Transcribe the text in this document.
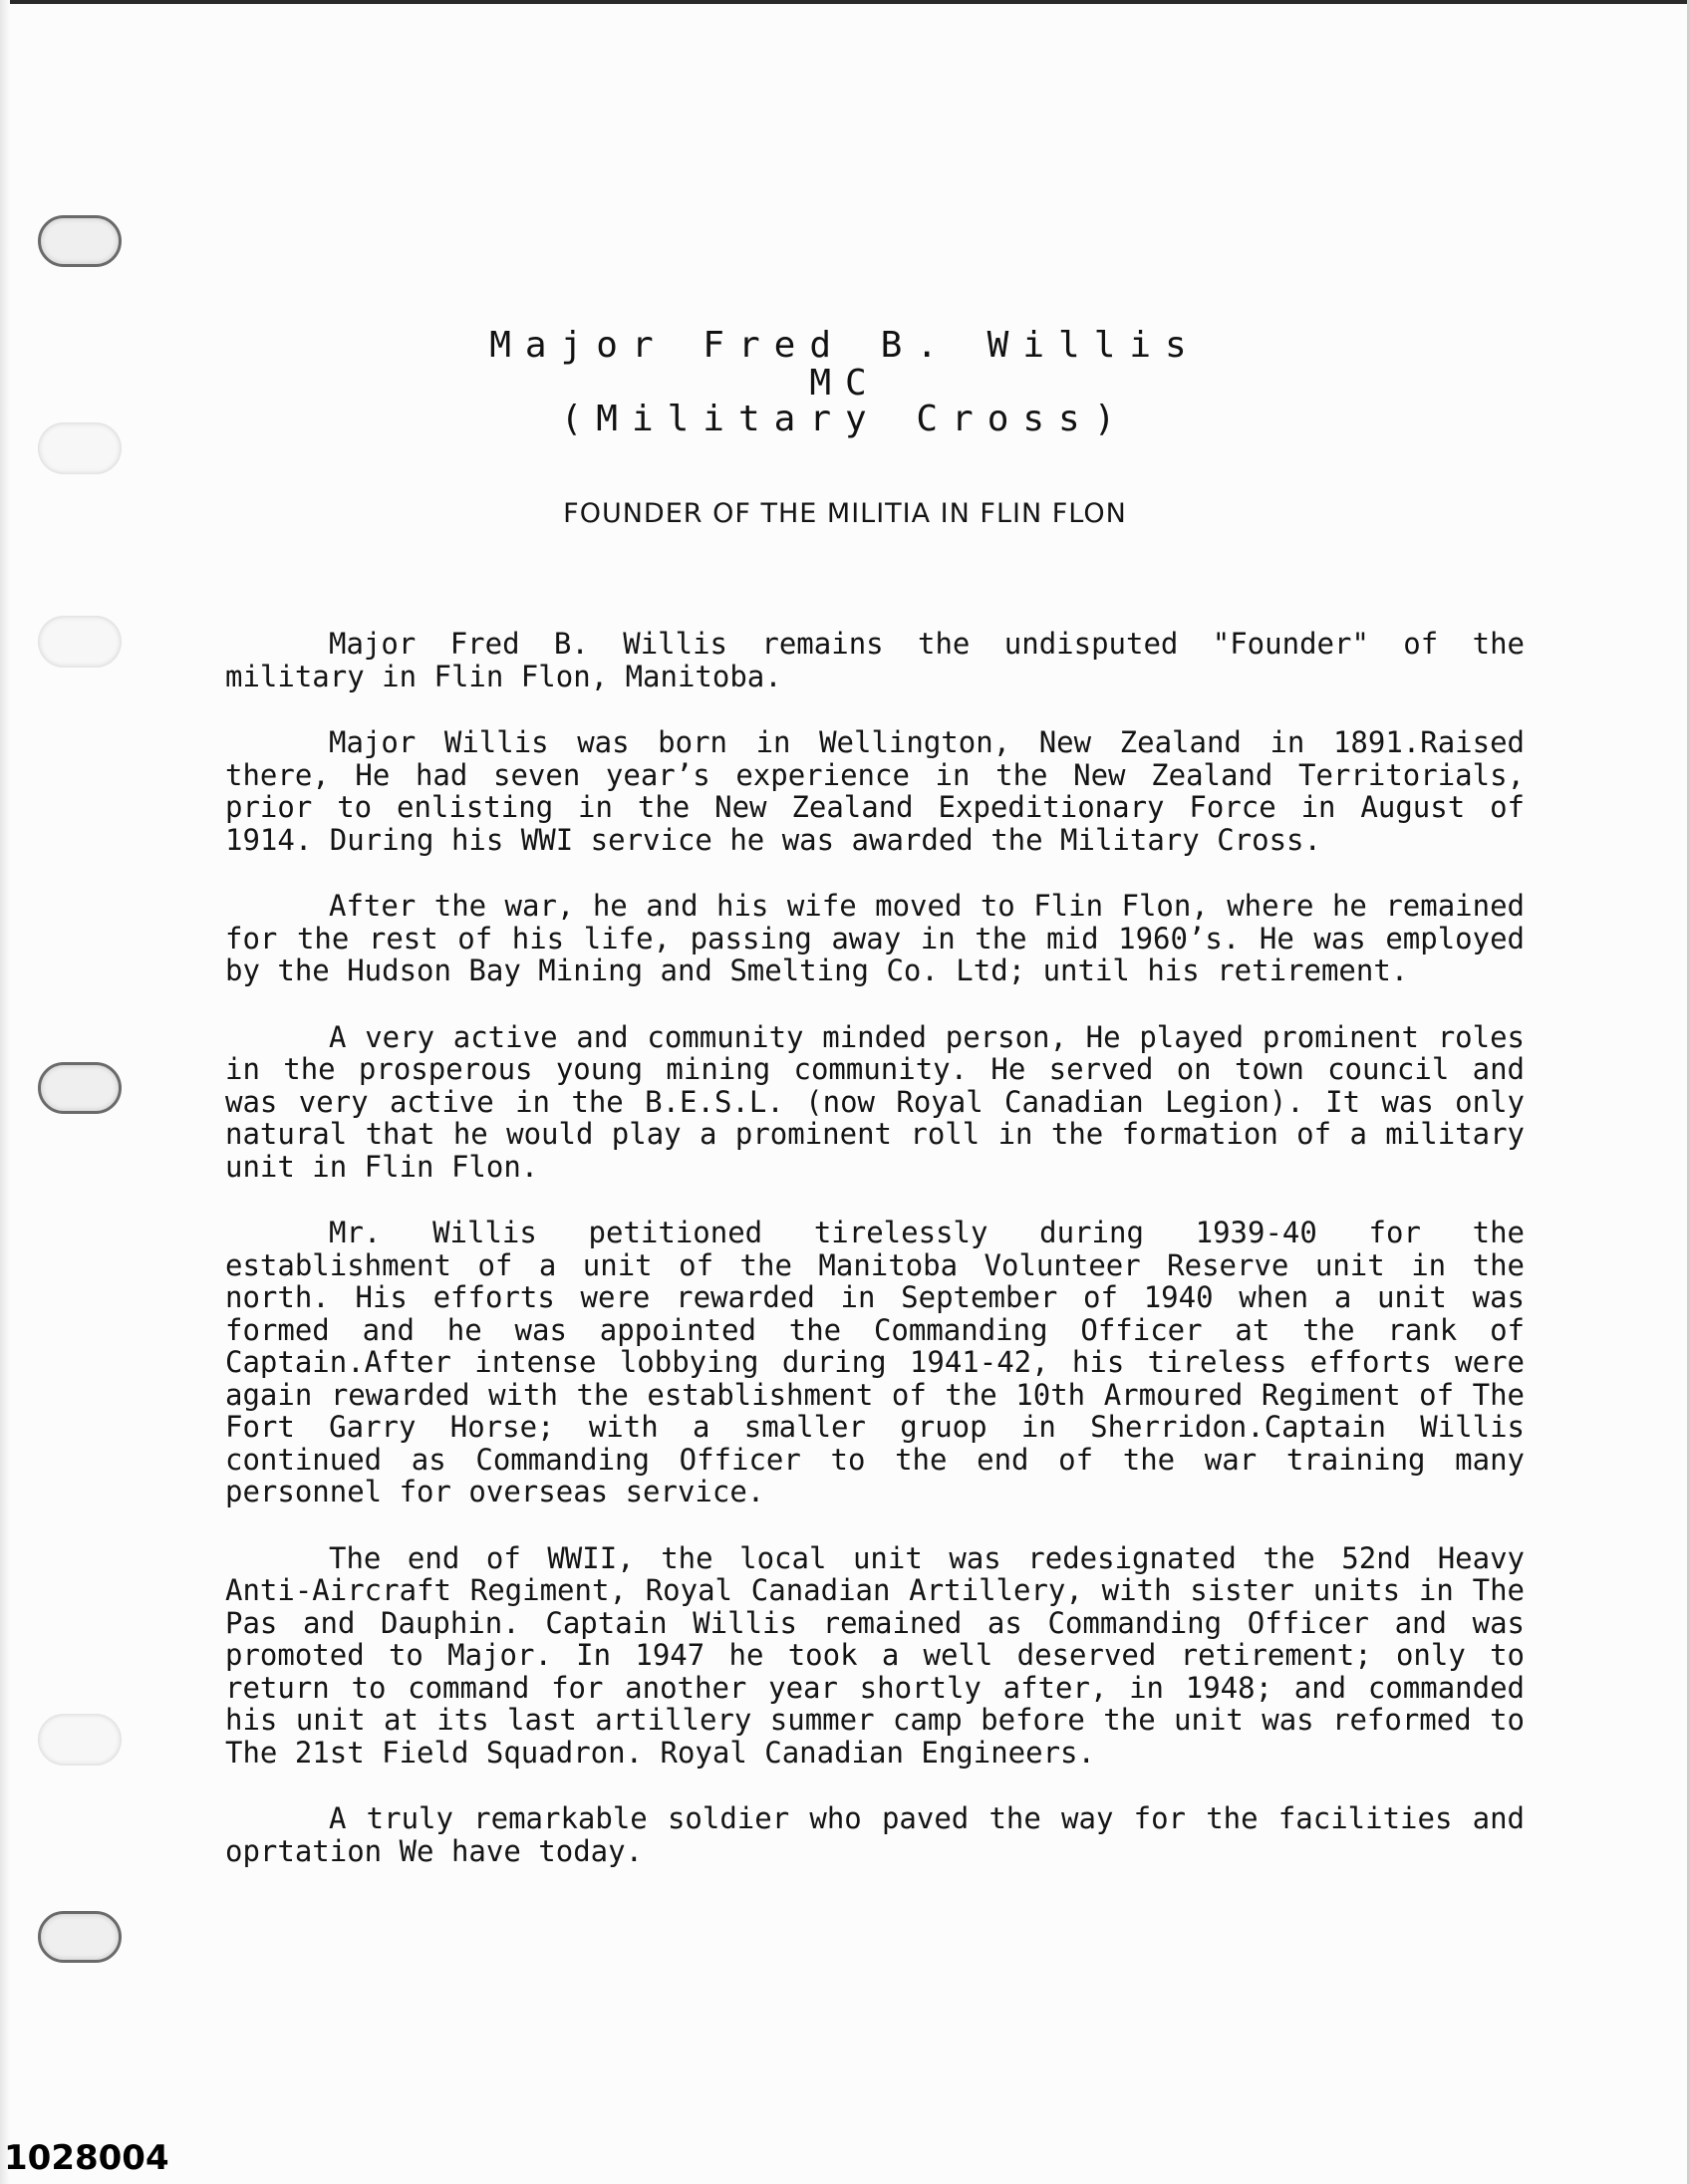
Major Fred B. Willis
MC
(Military Cross)
FOUNDER OF THE MILITIA IN FLIN FLON

Major Fred B. Willis remains the undisputed "Founder" of the military in Flin Flon, Manitoba.

Major Willis was born in Wellington, New Zealand in 1891.Raised there, He had seven year’s experience in the New Zealand Territorials, prior to enlisting in the New Zealand Expeditionary Force in August of 1914. During his WWI service he was awarded the Military Cross.

After the war, he and his wife moved to Flin Flon, where he remained for the rest of his life, passing away in the mid 1960’s. He was employed by the Hudson Bay Mining and Smelting Co. Ltd; until his retirement.

A very active and community minded person, He played prominent roles in the prosperous young mining community. He served on town council and was very active in the B.E.S.L. (now Royal Canadian Legion). It was only natural that he would play a prominent roll in the formation of a military unit in Flin Flon.

Mr. Willis petitioned tirelessly during 1939-40 for the establishment of a unit of the Manitoba Volunteer Reserve unit in the north. His efforts were rewarded in September of 1940 when a unit was formed and he was appointed the Commanding Officer at the rank of Captain.After intense lobbying during 1941-42, his tireless efforts were again rewarded with the establishment of the 10th Armoured Regiment of The Fort Garry Horse; with a smaller gruop in Sherridon.Captain Willis continued as Commanding Officer to the end of the war training many personnel for overseas service.

The end of WWII, the local unit was redesignated the 52nd Heavy Anti-Aircraft Regiment, Royal Canadian Artillery, with sister units in The Pas and Dauphin. Captain Willis remained as Commanding Officer and was promoted to Major. In 1947 he took a well deserved retirement; only to return to command for another year shortly after, in 1948; and commanded his unit at its last artillery summer camp before the unit was reformed to The 21st Field Squadron. Royal Canadian Engineers.

A truly remarkable soldier who paved the way for the facilities and oprtation We have today.

1028004
